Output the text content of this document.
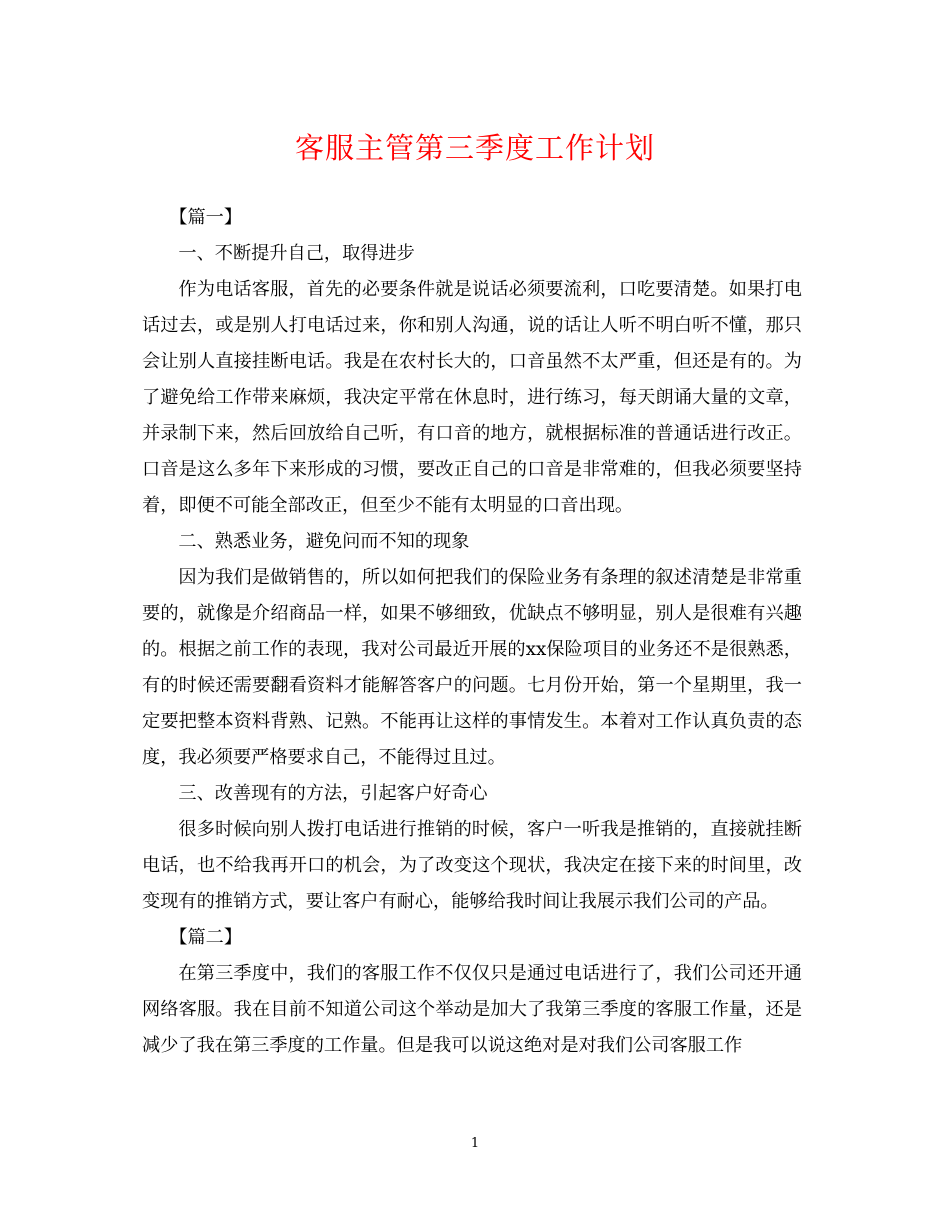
客服主管第三季度工作计划

【篇一】

一、不断提升自己，取得进步

作为电话客服，首先的必要条件就是说话必须要流利，口吃要清楚。如果打电话过去，或是别人打电话过来，你和别人沟通，说的话让人听不明白听不懂，那只会让别人直接挂断电话。我是在农村长大的，口音虽然不太严重，但还是有的。为了避免给工作带来麻烦，我决定平常在休息时，进行练习，每天朗诵大量的文章，并录制下来，然后回放给自己听，有口音的地方，就根据标准的普通话进行改正。口音是这么多年下来形成的习惯，要改正自己的口音是非常难的，但我必须要坚持着，即便不可能全部改正，但至少不能有太明显的口音出现。

二、熟悉业务，避免问而不知的现象

因为我们是做销售的，所以如何把我们的保险业务有条理的叙述清楚是非常重要的，就像是介绍商品一样，如果不够细致，优缺点不够明显，别人是很难有兴趣的。根据之前工作的表现，我对公司最近开展的xx保险项目的业务还不是很熟悉，有的时候还需要翻看资料才能解答客户的问题。七月份开始，第一个星期里，我一定要把整本资料背熟、记熟。不能再让这样的事情发生。本着对工作认真负责的态度，我必须要严格要求自己，不能得过且过。

三、改善现有的方法，引起客户好奇心

很多时候向别人拨打电话进行推销的时候，客户一听我是推销的，直接就挂断电话，也不给我再开口的机会，为了改变这个现状，我决定在接下来的时间里，改变现有的推销方式，要让客户有耐心，能够给我时间让我展示我们公司的产品。

【篇二】

在第三季度中，我们的客服工作不仅仅只是通过电话进行了，我们公司还开通网络客服。我在目前不知道公司这个举动是加大了我第三季度的客服工作量，还是减少了我在第三季度的工作量。但是我可以说这绝对是对我们公司客服工作

1
